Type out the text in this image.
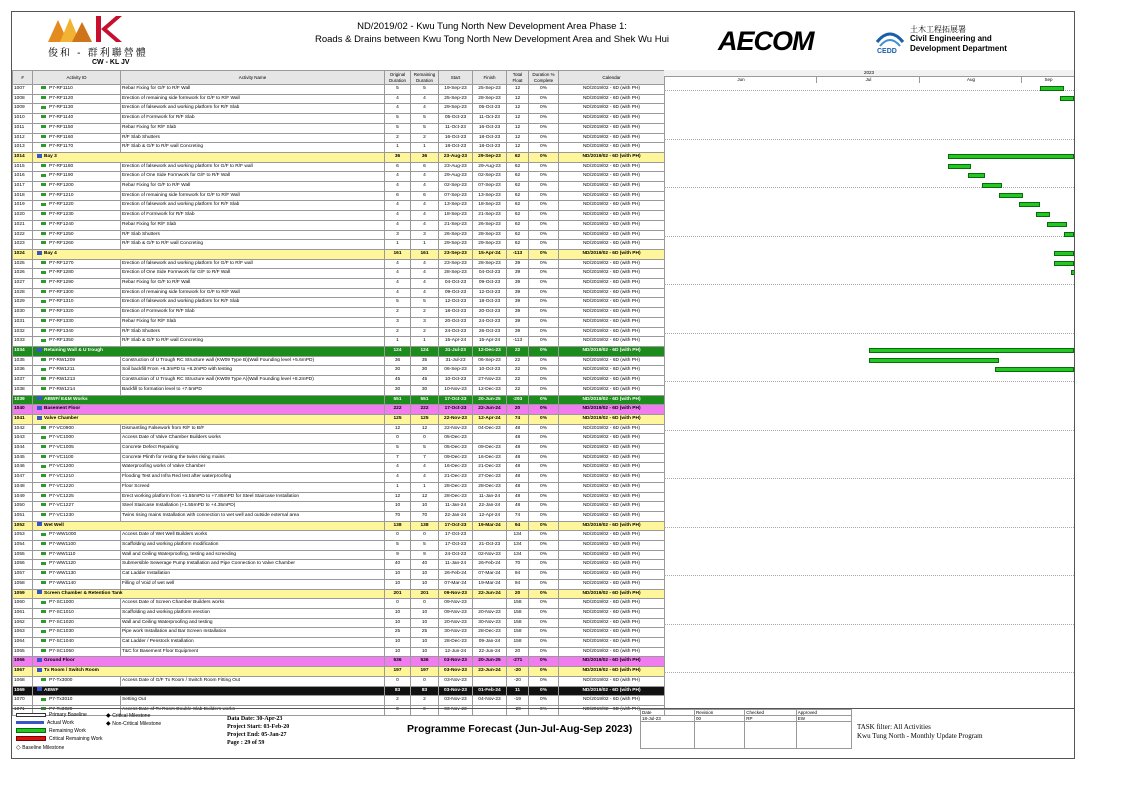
俊和 - 群利聯營體
CW - KL JV
ND/2019/02 - Kwu Tung North New Development Area Phase 1:
Roads & Drains between Kwu Tong North New Development Area and Shek Wu Hui	AECOM	CEDD
土木工程拓展署
Civil Engineering and
Development Department
#	Activity ID	Activity Name	Original Duration	Remaining Duration	Start	Finish	Total Float	Duration % Complete	Calendar
1007	P7-RF1110	Rebar Fixing for G/F to R/F Wall	5	5	19-Sep-23	25-Sep-23	12	0%	ND/2019/02 - 6D (with PH)
1008	P7-RF1120	Erection of remaining side formwork for G/F to R/F Wall	4	4	25-Sep-23	28-Sep-23	12	0%	ND/2019/02 - 6D (with PH)
1009	P7-RF1130	Erection of falsework and working platform for R/F Slab	4	4	29-Sep-23	05-Oct-23	12	0%	ND/2019/02 - 6D (with PH)
1010	P7-RF1140	Erection of Formwork for R/F Slab	5	5	05-Oct-23	11-Oct-23	12	0%	ND/2019/02 - 6D (with PH)
1011	P7-RF1150	Rebar Fixing for R/F Slab	5	5	11-Oct-23	16-Oct-23	12	0%	ND/2019/02 - 6D (with PH)
1012	P7-RF1160	R/F Slab Shutters	2	2	16-Oct-23	18-Oct-23	12	0%	ND/2019/02 - 6D (with PH)
1013	P7-RF1170	R/F Slab & G/F to R/F wall Concreting	1	1	18-Oct-23	18-Oct-23	12	0%	ND/2019/02 - 6D (with PH)
1014	Bay 3		36	36	23-Aug-23	29-Sep-23	62	0%	ND/2019/02 - 6D (with PH)
1015	P7-RF1180	Erection of falsework and working platform for G/F to R/F wall	6	6	23-Aug-23	29-Aug-23	62	0%	ND/2019/02 - 6D (with PH)
1016	P7-RF1190	Erection of One Side Formwork for G/F to R/F Wall	4	4	29-Aug-23	02-Sep-23	62	0%	ND/2019/02 - 6D (with PH)
1017	P7-RF1200	Rebar Fixing for G/F to R/F Wall	4	4	02-Sep-23	07-Sep-23	62	0%	ND/2019/02 - 6D (with PH)
1018	P7-RF1210	Erection of remaining side formwork for G/F to R/F Wall	6	6	07-Sep-23	13-Sep-23	62	0%	ND/2019/02 - 6D (with PH)
1019	P7-RF1220	Erection of falsework and working platform for R/F Slab	4	4	13-Sep-23	18-Sep-23	62	0%	ND/2019/02 - 6D (with PH)
1020	P7-RF1230	Erection of Formwork for R/F Slab	4	4	18-Sep-23	21-Sep-23	62	0%	ND/2019/02 - 6D (with PH)
1021	P7-RF1240	Rebar Fixing for R/F Slab	4	4	21-Sep-23	26-Sep-23	62	0%	ND/2019/02 - 6D (with PH)
1022	P7-RF1250	R/F Slab Shutters	3	3	26-Sep-23	28-Sep-23	62	0%	ND/2019/02 - 6D (with PH)
1023	P7-RF1260	R/F Slab & G/F to R/F wall Concreting	1	1	29-Sep-23	29-Sep-23	62	0%	ND/2019/02 - 6D (with PH)
1024	Bay 4		161	161	23-Sep-23	15-Apr-24	-113	0%	ND/2019/02 - 6D (with PH)
1025	P7-RF1270	Erection of falsework and working platform for G/F to R/F wall	4	4	23-Sep-23	28-Sep-23	39	0%	ND/2019/02 - 6D (with PH)
1026	P7-RF1280	Erection of One Side Formwork for G/F to R/F Wall	4	4	28-Sep-23	04-Oct-23	39	0%	ND/2019/02 - 6D (with PH)
1027	P7-RF1290	Rebar Fixing for G/F to R/F Wall	4	4	04-Oct-23	09-Oct-23	39	0%	ND/2019/02 - 6D (with PH)
1028	P7-RF1300	Erection of remaining side formwork for G/F to R/F Wall	4	4	09-Oct-23	12-Oct-23	39	0%	ND/2019/02 - 6D (with PH)
1029	P7-RF1310	Erection of falsework and working platform for R/F Slab	5	5	12-Oct-23	18-Oct-23	39	0%	ND/2019/02 - 6D (with PH)
1030	P7-RF1320	Erection of Formwork for R/F Slab	2	2	18-Oct-23	20-Oct-23	39	0%	ND/2019/02 - 6D (with PH)
1031	P7-RF1330	Rebar Fixing for R/F Slab	3	3	20-Oct-23	24-Oct-23	39	0%	ND/2019/02 - 6D (with PH)
1032	P7-RF1340	R/F Slab Shutters	2	2	24-Oct-23	26-Oct-23	39	0%	ND/2019/02 - 6D (with PH)
1033	P7-RF1350	R/F Slab & G/F to R/F wall Concreting	1	1	15-Apr-24	15-Apr-24	-113	0%	ND/2019/02 - 6D (with PH)
1034	Retaining Wall & U trough		124	124	31-Jul-23	12-Dec-23	22	0%	ND/2019/02 - 6D (with PH)
1035	P7-RW1209	Construction of U Trough RC Structure wall (KW09 Type B)(Wall Founding level +5.6mPD)	36	35	31-Jul-23	06-Sep-23	22	0%	ND/2019/02 - 6D (with PH)
1036	P7-RW1211	Soil backfill From +6.3mPD to +8.2mPD with testing	30	30	06-Sep-23	10-Oct-23	22	0%	ND/2019/02 - 6D (with PH)
1037	P7-RW1213	Construction of U Trough RC Structure wall (KW09 Type A)(Wall Founding level +8.2mPD)	45	45	10-Oct-23	27-Nov-23	22	0%	ND/2019/02 - 6D (with PH)
1038	P7-RW1214	Backfill to formation level to +7.5mPD	30	30	10-Nov-23	12-Dec-23	22	0%	ND/2019/02 - 6D (with PH)
1039	ABWF/ E&M Works		551	551	17-Oct-23	20-Jun-25	-293	0%	ND/2019/02 - 6D (with PH)
1040	Basement Floor		222	222	17-Oct-23	22-Jun-24	20	0%	ND/2019/02 - 6D (with PH)
1041	Valve Chamber		125	125	22-Nov-23	12-Apr-24	74	0%	ND/2019/02 - 6D (with PH)
1042	P7-VC0900	Dismantling Falsework from R/F to B/F	12	12	22-Nov-23	04-Dec-23	48	0%	ND/2019/02 - 6D (with PH)
1043	P7-VC1000	Access Date of Valve Chamber Builders works	0	0	05-Dec-23		48	0%	ND/2019/02 - 6D (with PH)
1044	P7-VC1005	Concrete Defect Repairing	5	5	05-Dec-23	09-Dec-23	48	0%	ND/2019/02 - 6D (with PH)
1045	P7-VC1100	Concrete Plinth for resting the twins rising mains	7	7	09-Dec-23	16-Dec-23	48	0%	ND/2019/02 - 6D (with PH)
1046	P7-VC1200	Waterproofing works of Valve Chamber	4	4	16-Dec-23	21-Dec-23	48	0%	ND/2019/02 - 6D (with PH)
1047	P7-VC1210	Flooding Test and Infra Red test after waterproofing	4	4	21-Dec-23	27-Dec-23	48	0%	ND/2019/02 - 6D (with PH)
1048	P7-VC1220	Floor Screed	1	1	28-Dec-23	28-Dec-23	48	0%	ND/2019/02 - 6D (with PH)
1049	P7-VC1225	Erect working platform from +1.55mPD to +7.85mPD for Steel Staircase Installation	12	12	28-Dec-23	11-Jan-24	48	0%	ND/2019/02 - 6D (with PH)
1050	P7-VC1227	Steel Staircase Installation (+1.55mPD to +4.35mPD)	10	10	11-Jan-24	22-Jan-24	48	0%	ND/2019/02 - 6D (with PH)
1051	P7-VC1230	Twins rising mains Installation with connection to wet well and outside external area	70	70	22-Jan-24	12-Apr-24	74	0%	ND/2019/02 - 6D (with PH)
1052	Wet Well		138	138	17-Oct-23	19-Mar-24	94	0%	ND/2019/02 - 6D (with PH)
1053	P7-WW1000	Access Date of Wet Well Builders works	0	0	17-Oct-23		134	0%	ND/2019/02 - 6D (with PH)
1054	P7-WW1100	Scaffolding and working platform modification	5	5	17-Oct-23	21-Oct-23	134	0%	ND/2019/02 - 6D (with PH)
1055	P7-WW1110	Wall and Ceiling Waterproofing, testing and screeding	9	9	24-Oct-23	02-Nov-23	134	0%	ND/2019/02 - 6D (with PH)
1056	P7-WW1120	Submersible Sewerage Pump Installation and Pipe Connection to Valve Chamber	40	40	11-Jan-24	26-Feb-24	70	0%	ND/2019/02 - 6D (with PH)
1057	P7-WW1130	Cat Ladder Installation	10	10	26-Feb-24	07-Mar-24	94	0%	ND/2019/02 - 6D (with PH)
1058	P7-WW1140	Filling of Void of wet well	10	10	07-Mar-24	19-Mar-24	94	0%	ND/2019/02 - 6D (with PH)
1059	Screen Chamber & Retention Tank		201	201	09-Nov-23	22-Jun-24	20	0%	ND/2019/02 - 6D (with PH)
1060	P7-SC1000	Access Date of Screen Chamber Builders works	0	0	09-Nov-23		158	0%	ND/2019/02 - 6D (with PH)
1061	P7-SC1010	Scaffolding and working platform erection	10	10	09-Nov-23	20-Nov-23	158	0%	ND/2019/02 - 6D (with PH)
1062	P7-SC1020	Wall and Ceiling Waterproofing and testing	10	10	20-Nov-23	30-Nov-23	158	0%	ND/2019/02 - 6D (with PH)
1063	P7-SC1030	Pipe work Installation and Bar Screen Installation	25	25	30-Nov-23	28-Dec-23	158	0%	ND/2019/02 - 6D (with PH)
1064	P7-SC1040	Cat Ladder / Penstock Installation	10	10	28-Dec-23	09-Jan-24	158	0%	ND/2019/02 - 6D (with PH)
1065	P7-SC1050	T&C for Basement Floor Equipment	10	10	12-Jun-24	22-Jun-24	20	0%	ND/2019/02 - 6D (with PH)
1066	Ground Floor		536	536	03-Nov-23	20-Jun-25	-271	0%	ND/2019/02 - 6D (with PH)
1067	Tx Room / Switch Room		197	197	03-Nov-23	22-Jun-24	-20	0%	ND/2019/02 - 6D (with PH)
1068	P7-Tx3000	Access Date of G/F Tx Room / Switch Room Fitting Out	0	0	03-Nov-23		-20	0%	ND/2019/02 - 6D (with PH)
1069	ABWF		83	83	03-Nov-23	01-Feb-24	11	0%	ND/2019/02 - 6D (with PH)
1070	P7-Tx3010	Setting Out	2	2	03-Nov-23	04-Nov-23	-19	0%	ND/2019/02 - 6D (with PH)
1071	P7-Tx3020	Access Date of Tx Room Double Slab Builders works	0	0	03-Nov-23		-20	0%	ND/2019/02 - 6D (with PH)
2023
Jun	Jul	Aug	Sep
Primary Baseline
Actual Work
Remaining Work
Critical Remaining Work
◇ Baseline Milestone
◆ Critical Milestone
◆ Non-Critical Milestone
Data Date: 30-Apr-23
Project Start: 03-Feb-20
Project End: 05-Jan-27
Page : 29 of 59
Programme Forecast (Jun-Jul-Aug-Sep 2023)
Date	Revision	Checked	Approved
18-Jul-23	00	RP	EW

TASK filter: All Activities
Kwu Tung North - Monthly Update Program
